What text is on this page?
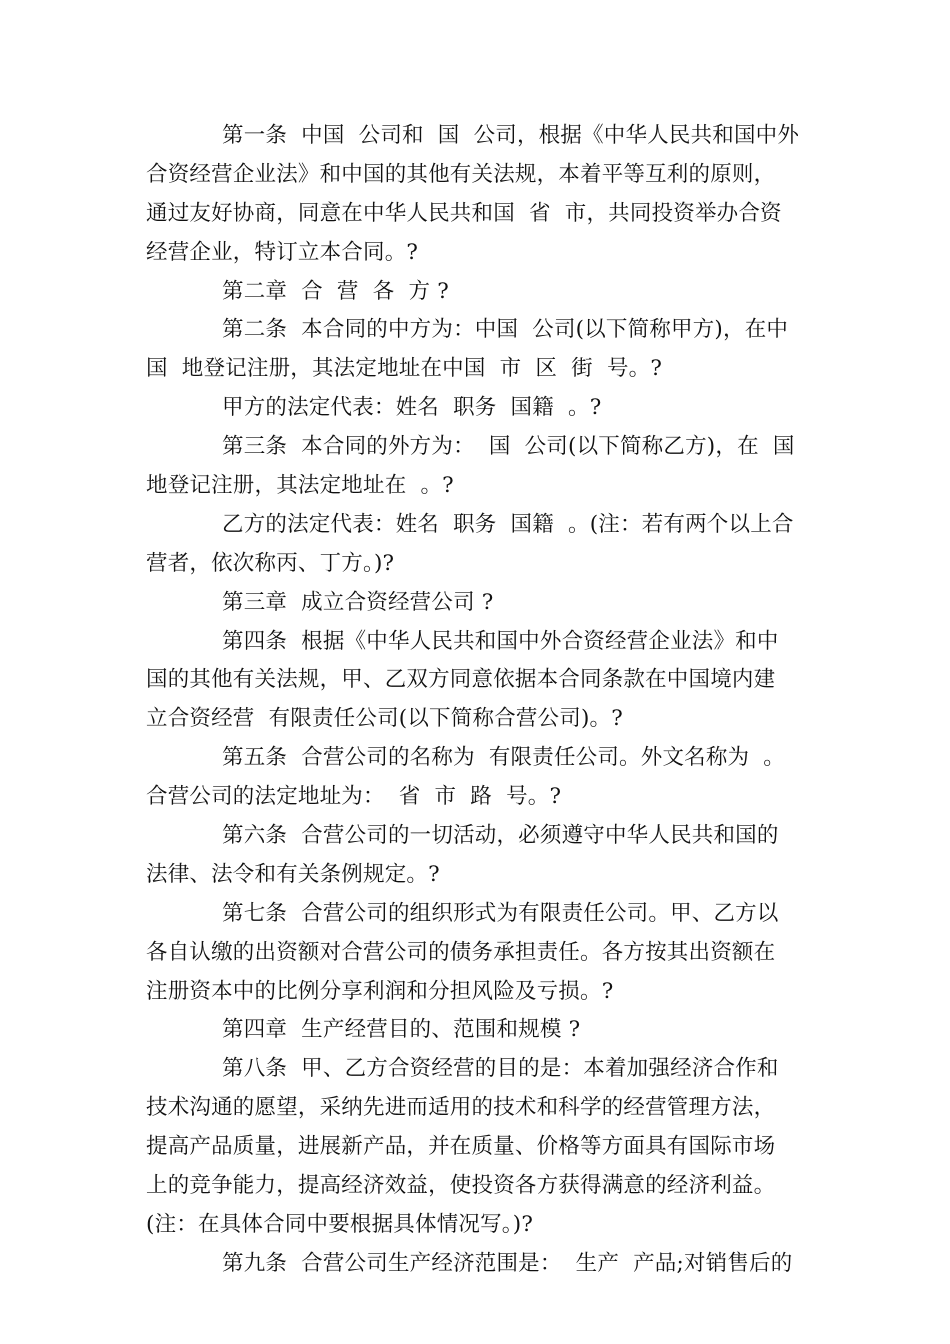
第一条  中国  公司和  国  公司，根据《中华人民共和国中外
合资经营企业法》和中国的其他有关法规，本着平等互利的原则，
通过友好协商，同意在中华人民共和国  省  市，共同投资举办合资
经营企业，特订立本合同。?
第二章  合  营  各  方 ?
第二条  本合同的中方为：中国  公司(以下简称甲方)，在中
国  地登记注册，其法定地址在中国  市  区  街  号。?
甲方的法定代表：姓名  职务  国籍  。?
第三条  本合同的外方为：  国  公司(以下简称乙方)，在  国
地登记注册，其法定地址在  。?
乙方的法定代表：姓名  职务  国籍  。(注：若有两个以上合
营者，依次称丙、丁方。)?
第三章  成立合资经营公司 ?
第四条  根据《中华人民共和国中外合资经营企业法》和中
国的其他有关法规，甲、乙双方同意依据本合同条款在中国境内建
立合资经营  有限责任公司(以下简称合营公司)。?
第五条  合营公司的名称为  有限责任公司。外文名称为  。
合营公司的法定地址为：  省  市  路  号。?
第六条  合营公司的一切活动，必须遵守中华人民共和国的
法律、法令和有关条例规定。?
第七条  合营公司的组织形式为有限责任公司。甲、乙方以
各自认缴的出资额对合营公司的债务承担责任。各方按其出资额在
注册资本中的比例分享利润和分担风险及亏损。?
第四章  生产经营目的、范围和规模 ?
第八条  甲、乙方合资经营的目的是：本着加强经济合作和
技术沟通的愿望，采纳先进而适用的技术和科学的经营管理方法，
提高产品质量，进展新产品，并在质量、价格等方面具有国际市场
上的竞争能力，提高经济效益，使投资各方获得满意的经济利益。
(注：在具体合同中要根据具体情况写。)?
第九条  合营公司生产经济范围是：  生产  产品;对销售后的
